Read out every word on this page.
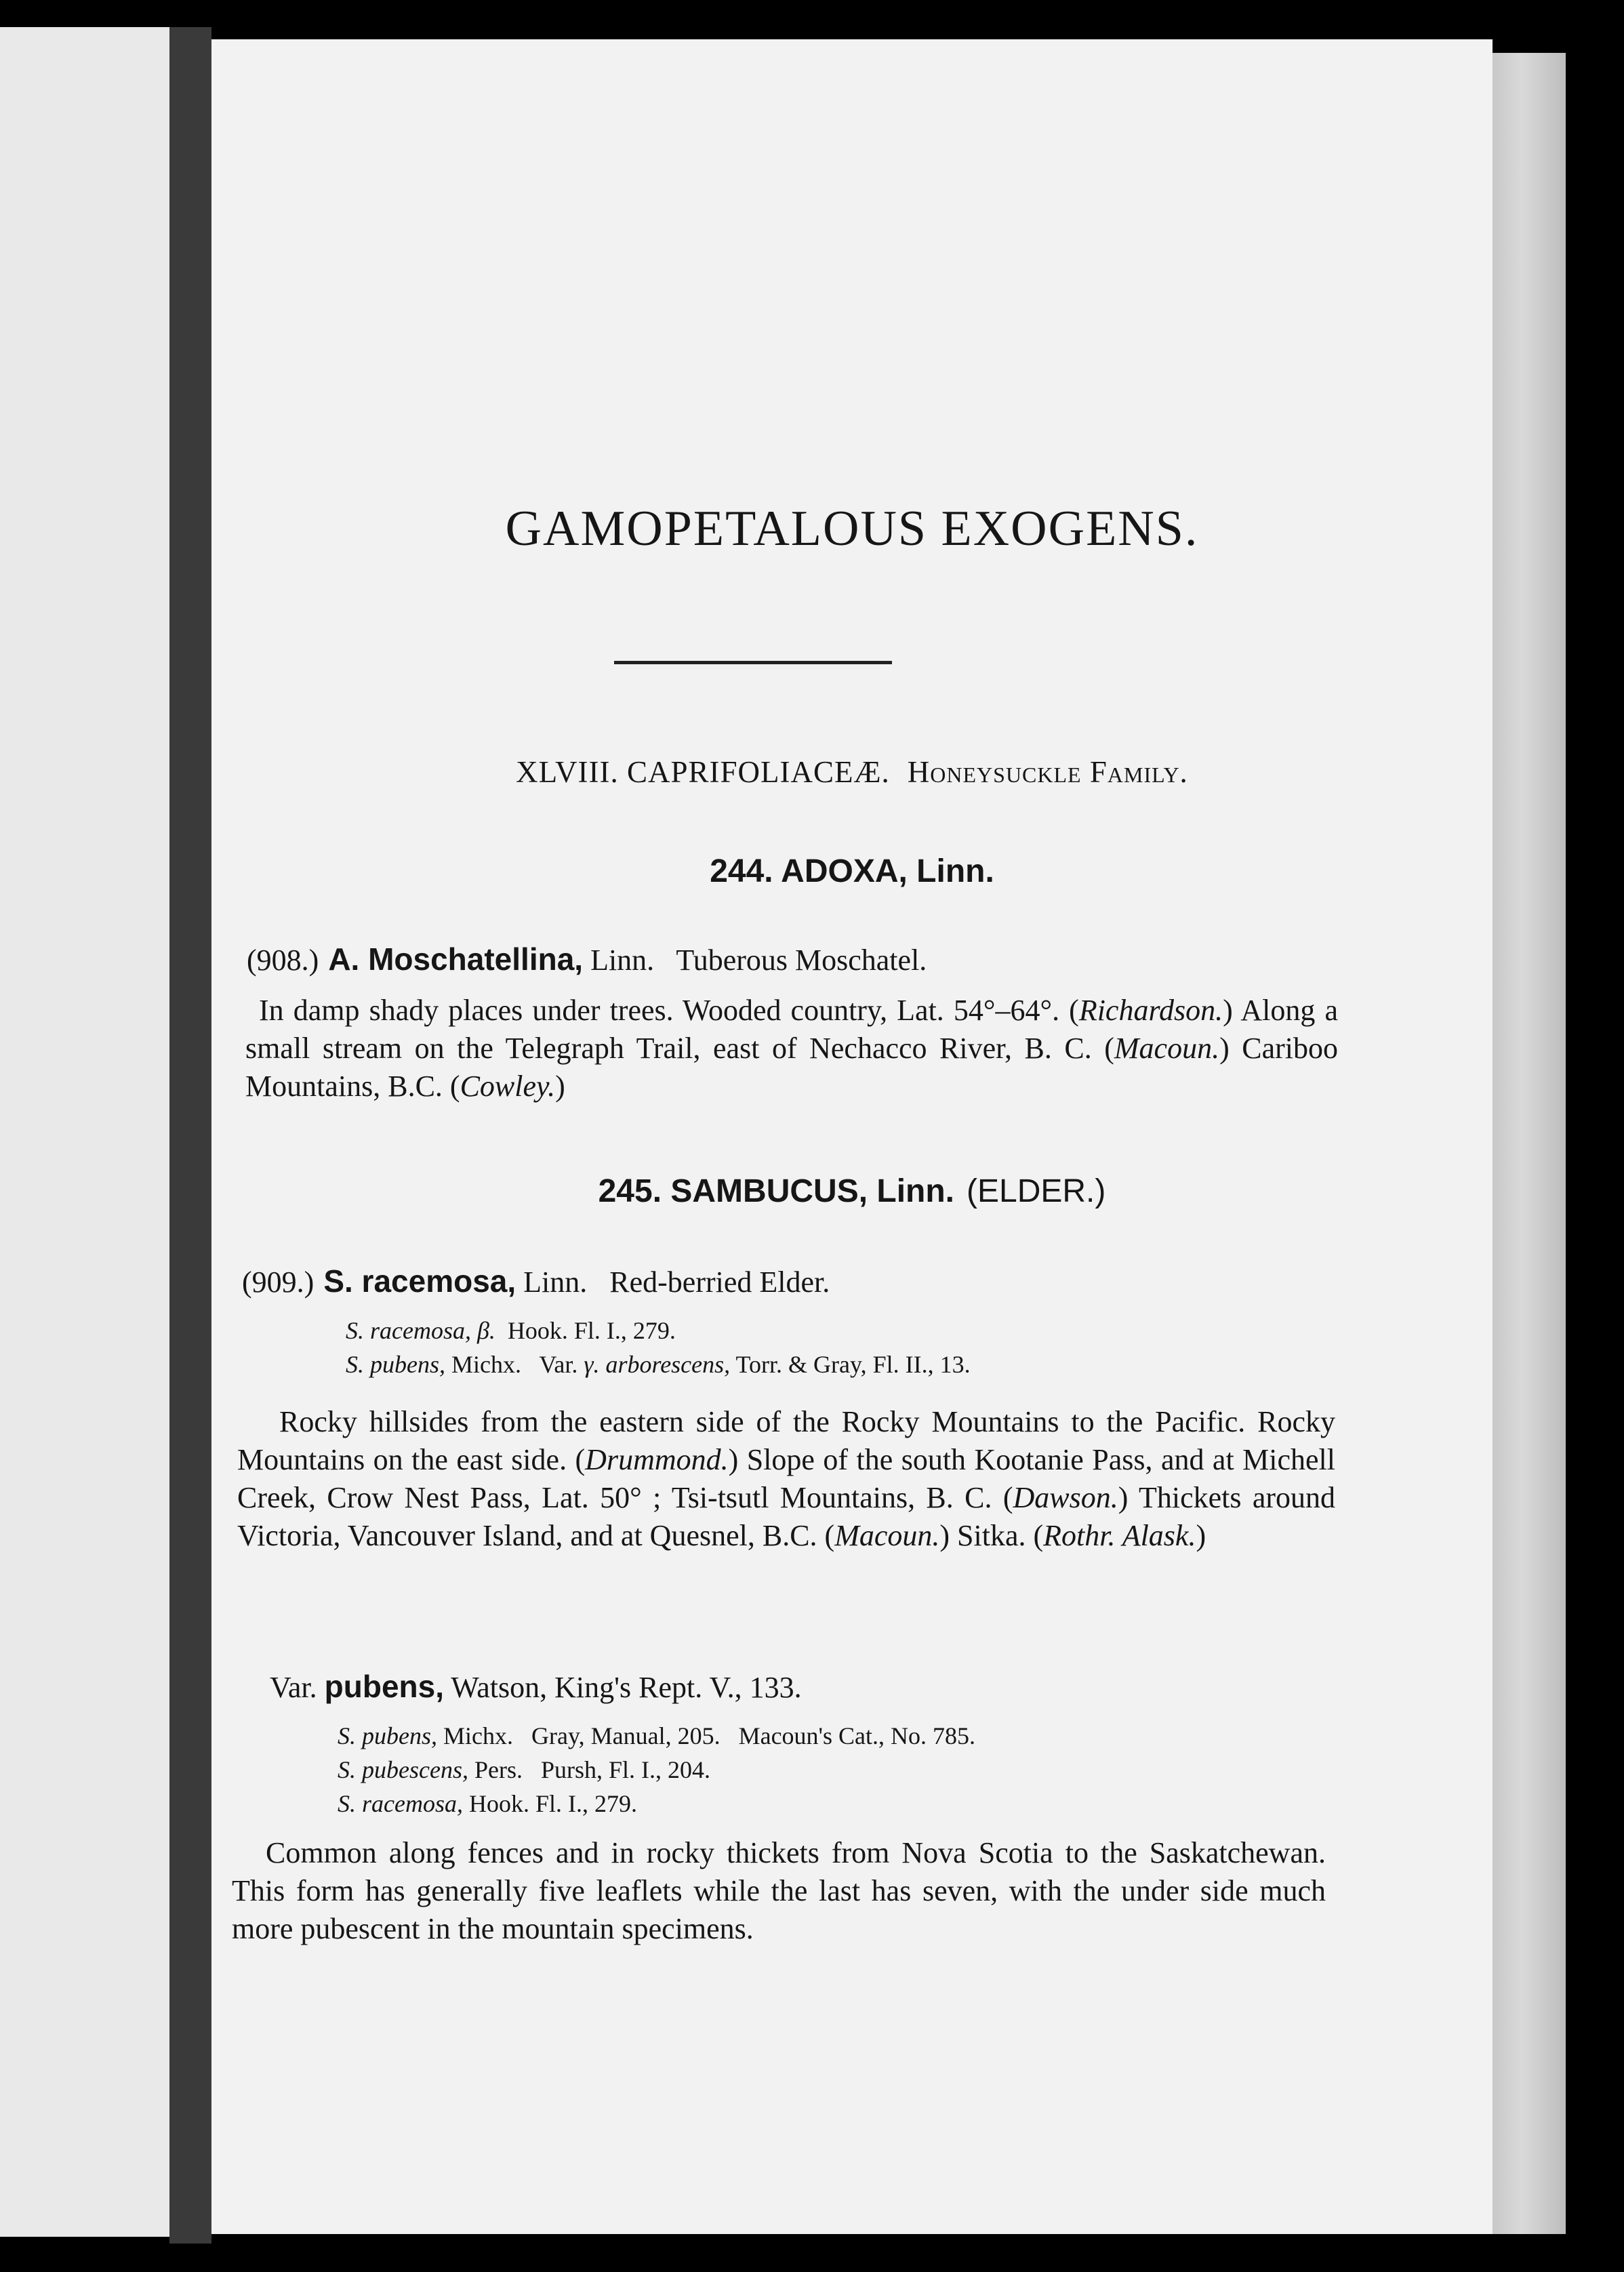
GAMOPETALOUS EXOGENS.
XLVIII. CAPRIFOLIACEÆ. Honeysuckle Family.
244. ADOXA, Linn.
(908.) A. Moschatellina, Linn.   Tuberous Moschatel.
In damp shady places under trees. Wooded country, Lat. 54°–64°. (Richardson.) Along a small stream on the Telegraph Trail, east of Nechacco River, B. C. (Macoun.) Cariboo Mountains, B.C. (Cowley.)
245. SAMBUCUS, Linn. (ELDER.)
(909.) S. racemosa, Linn.   Red-berried Elder.
S. racemosa, β.  Hook. Fl. I., 279.
S. pubens, Michx.   Var. γ. arborescens, Torr. & Gray, Fl. II., 13.
Rocky hillsides from the eastern side of the Rocky Mountains to the Pacific. Rocky Mountains on the east side. (Drummond.) Slope of the south Kootanie Pass, and at Michell Creek, Crow Nest Pass, Lat. 50° ; Tsi-tsutl Mountains, B. C. (Dawson.) Thickets around Victoria, Vancouver Island, and at Quesnel, B.C. (Macoun.) Sitka. (Rothr. Alask.)
Var. pubens, Watson, King's Rept. V., 133.
S. pubens, Michx.   Gray, Manual, 205.   Macoun's Cat., No. 785.
S. pubescens, Pers.   Pursh, Fl. I., 204.
S. racemosa, Hook. Fl. I., 279.
Common along fences and in rocky thickets from Nova Scotia to the Saskatchewan. This form has generally five leaflets while the last has seven, with the under side much more pubescent in the mountain specimens.
